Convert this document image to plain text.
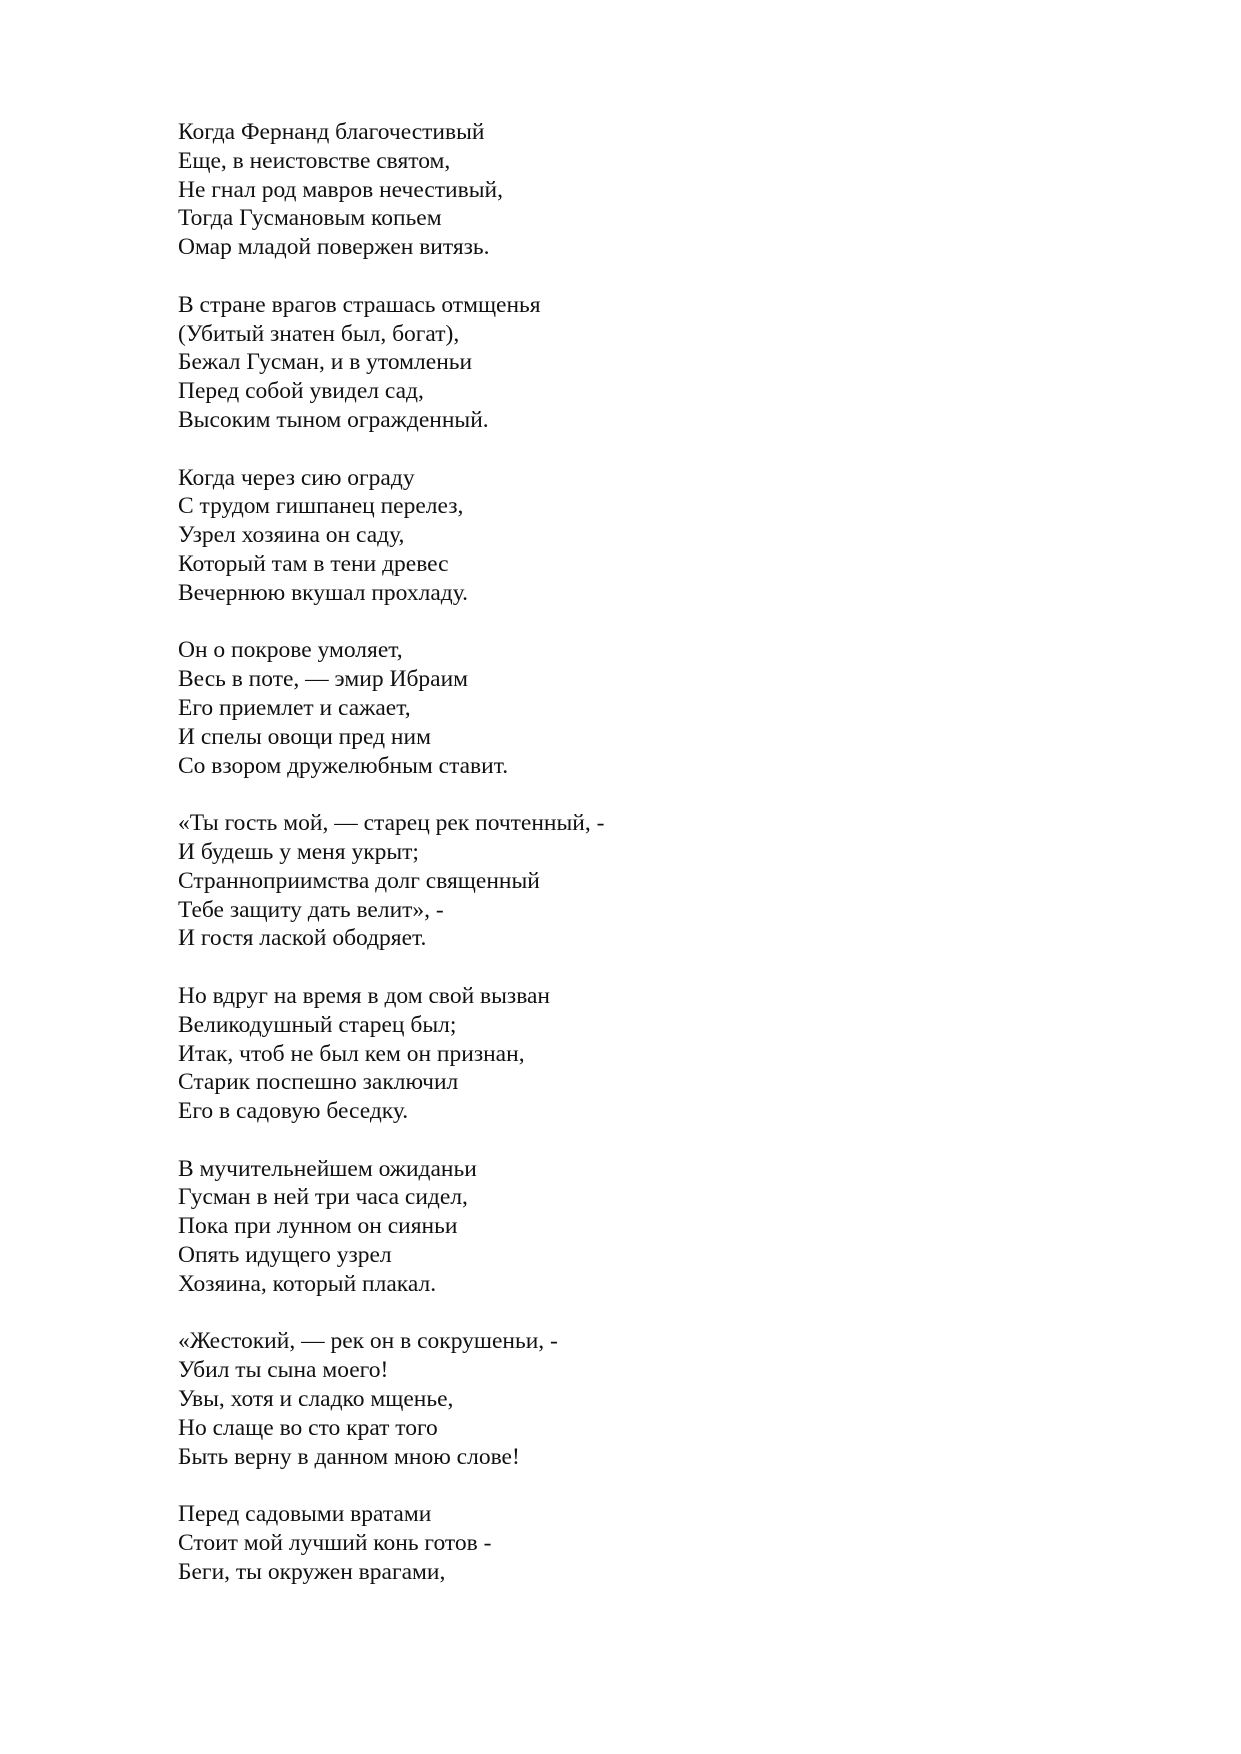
Когда Фернанд благочестивый
Еще, в неистовстве святом,
Не гнал род мавров нечестивый,
Тогда Гусмановым копьем
Омар младой повержен витязь.
В стране врагов страшась отмщенья
(Убитый знатен был, богат),
Бежал Гусман, и в утомленьи
Перед собой увидел сад,
Высоким тыном огражденный.
Когда через сию ограду
С трудом гишпанец перелез,
Узрел хозяина он саду,
Который там в тени древес
Вечернюю вкушал прохладу.
Он о покрове умоляет,
Весь в поте, — эмир Ибраим
Его приемлет и сажает,
И спелы овощи пред ним
Со взором дружелюбным ставит.
«Ты гость мой, — старец рек почтенный, -
И будешь у меня укрыт;
Странноприимства долг священный
Тебе защиту дать велит», -
И гостя лаской ободряет.
Но вдруг на время в дом свой вызван
Великодушный старец был;
Итак, чтоб не был кем он признан,
Старик поспешно заключил
Его в садовую беседку.
В мучительнейшем ожиданьи
Гусман в ней три часа сидел,
Пока при лунном он сияньи
Опять идущего узрел
Хозяина, который плакал.
«Жестокий, — рек он в сокрушеньи, -
Убил ты сына моего!
Увы, хотя и сладко мщенье,
Но слаще во сто крат того
Быть верну в данном мною слове!
Перед садовыми вратами
Стоит мой лучший конь готов -
Беги, ты окружен врагами,
